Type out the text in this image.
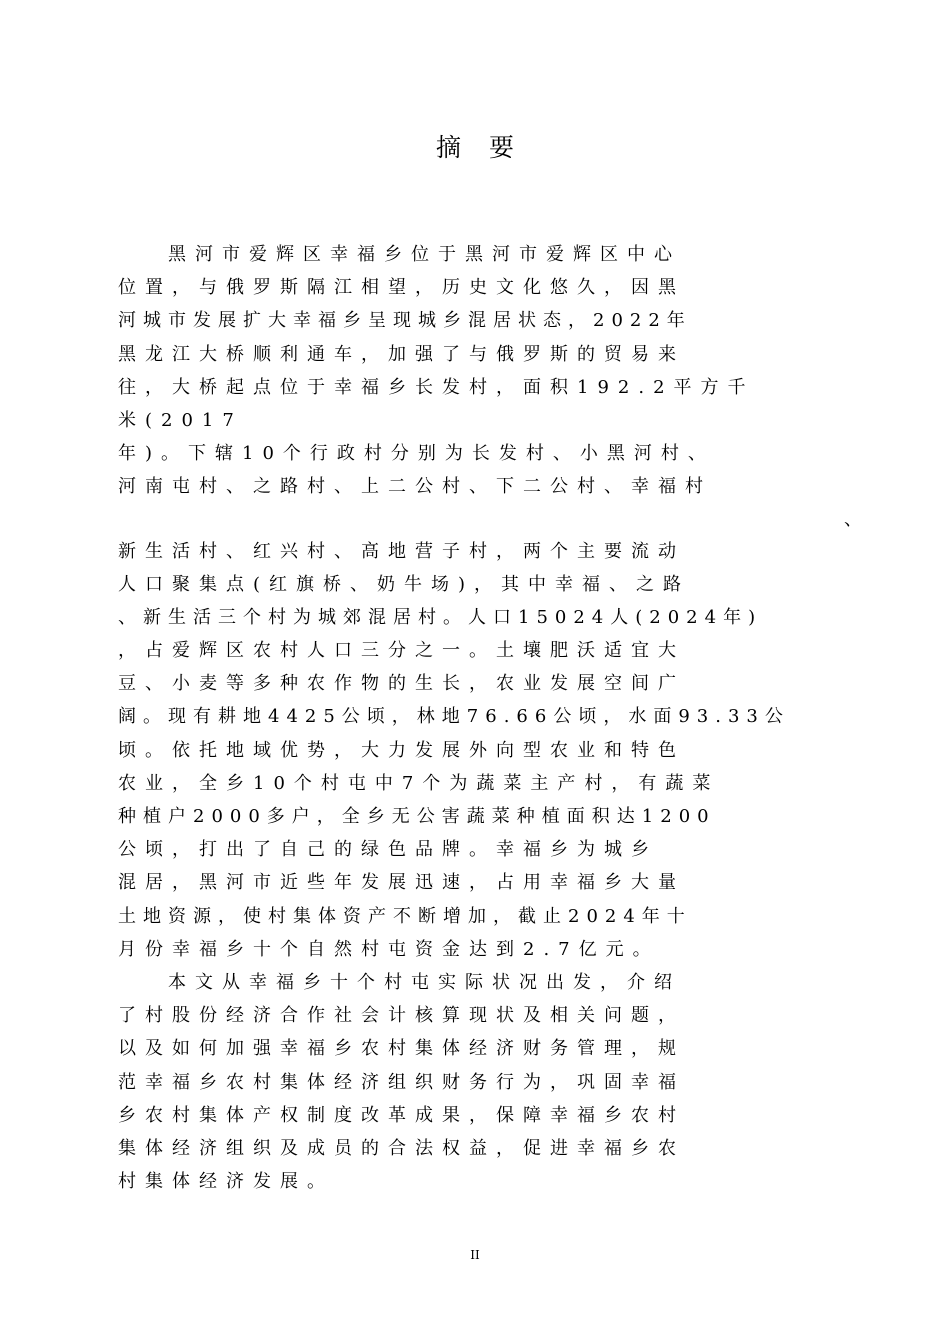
摘要
黑河市爱辉区幸福乡位于黑河市爱辉区中心
位置，与俄罗斯隔江相望，历史文化悠久，因黑
河城市发展扩大幸福乡呈现城乡混居状态，2022年
黑龙江大桥顺利通车，加强了与俄罗斯的贸易来
往，大桥起点位于幸福乡长发村，面积192.2平方千
米(2017
年)。下辖10个行政村分别为长发村、小黑河村、
河南屯村、之路村、上二公村、下二公村、幸福村
、
新生活村、红兴村、高地营子村，两个主要流动
人口聚集点(红旗桥、奶牛场)，其中幸福、之路
、新生活三个村为城郊混居村。人口15024人(2024年)
，占爱辉区农村人口三分之一。土壤肥沃适宜大
豆、小麦等多种农作物的生长，农业发展空间广
阔。现有耕地4425公顷，林地76.66公顷，水面93.33公
顷。依托地域优势，大力发展外向型农业和特色
农业，全乡10个村屯中7个为蔬菜主产村，有蔬菜
种植户2000多户，全乡无公害蔬菜种植面积达1200
公顷，打出了自己的绿色品牌。幸福乡为城乡
混居，黑河市近些年发展迅速，占用幸福乡大量
土地资源，使村集体资产不断增加，截止2024年十
月份幸福乡十个自然村屯资金达到2.7亿元。
本文从幸福乡十个村屯实际状况出发，介绍
了村股份经济合作社会计核算现状及相关问题，
以及如何加强幸福乡农村集体经济财务管理，规
范幸福乡农村集体经济组织财务行为，巩固幸福
乡农村集体产权制度改革成果，保障幸福乡农村
集体经济组织及成员的合法权益，促进幸福乡农
村集体经济发展。
II
